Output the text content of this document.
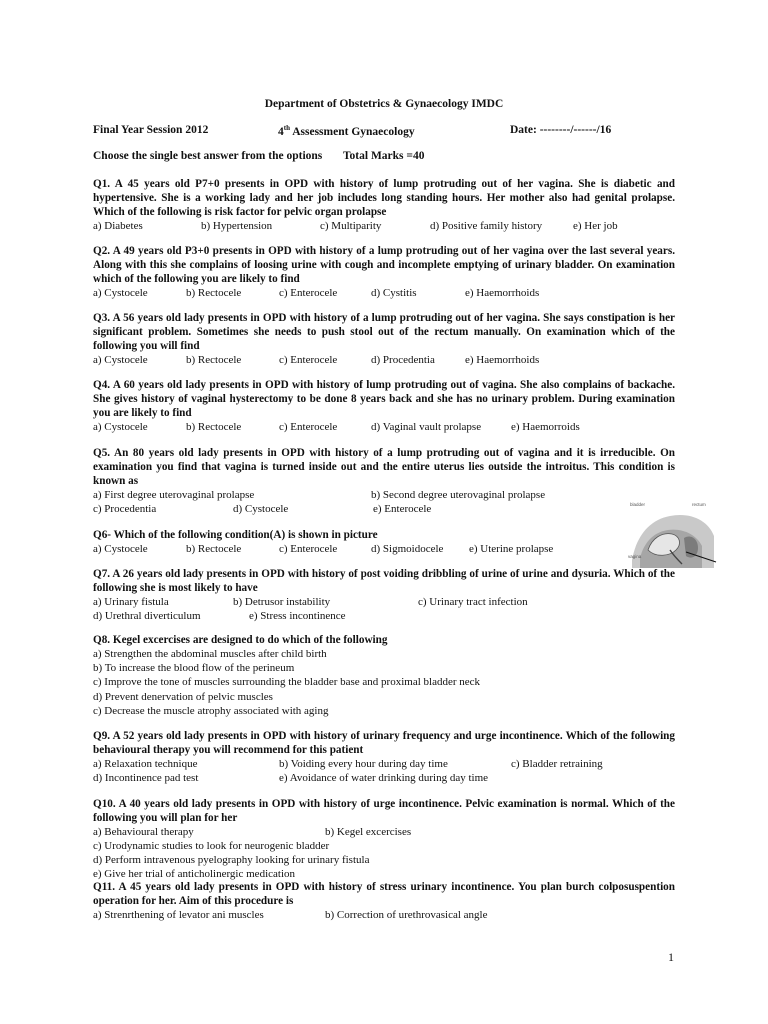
Department of Obstetrics & Gynaecology IMDC
Final Year Session 2012	4th Assessment Gynaecology	Date: --------/------/16
Choose the single best answer from the options Total Marks =40
Q1. A 45 years old P7+0 presents in OPD with history of lump protruding out of her vagina. She is diabetic and hypertensive. She is a working lady and her job includes long standing hours. Her mother also had genital prolapse. Which of the following is risk factor for pelvic organ prolapse
a) Diabetes	b) Hypertension	c) Multiparity	d) Positive family history	e) Her job
Q2. A 49 years old P3+0 presents in OPD with history of a lump protruding out of her vagina over the last several years. Along with this she complains of loosing urine with cough and incomplete emptying of urinary bladder. On examination which of the following you are likely to find
a) Cystocele	b) Rectocele	c) Enterocele	d) Cystitis	e) Haemorrhoids
Q3. A 56 years old lady presents in OPD with history of a lump protruding out of her vagina. She says constipation is her significant problem. Sometimes she needs to push stool out of the rectum manually. On examination which of the following you will find
a) Cystocele	b) Rectocele	c) Enterocele	d) Procedentia	e) Haemorrhoids
Q4. A 60 years old lady presents in OPD with history of lump protruding out of vagina. She also complains of backache. She gives history of vaginal hysterectomy to be done 8 years back and she has no urinary problem. During examination you are likely to find
a) Cystocele	b) Rectocele	c) Enterocele	d) Vaginal vault prolapse	e) Haemorroids
Q5. An 80 years old lady presents in OPD with history of a lump protruding out of vagina and it is irreducible. On examination you find that vagina is turned inside out and the entire uterus lies outside the introitus. This condition is known as
a) First degree uterovaginal prolapse	b) Second degree uterovaginal prolapse
c) Procedentia	d) Cystocele	e) Enterocele
Q6- Which of the following condition(A) is shown in picture
a) Cystocele	b) Rectocele	c) Enterocele	d) Sigmoidocele e) Uterine prolapse
bladder	rectum
vagina
Q7. A 26 years old lady presents in OPD with history of post voiding dribbling of urine of urine and dysuria. Which of the following she is most likely to have
a) Urinary fistula	b) Detrusor instability	c) Urinary tract infection
d) Urethral diverticulum	e) Stress incontinence
Q8. Kegel excercises are designed to do which of the following
a) Strengthen the abdominal muscles after child birth
b) To increase the blood flow of the perineum
c) Improve the tone of muscles surrounding the bladder base and proximal bladder neck
d) Prevent denervation of pelvic muscles
c) Decrease the muscle atrophy associated with aging
Q9. A 52 years old lady presents in OPD with history of urinary frequency and urge incontinence. Which of the following behavioural therapy you will recommend for this patient
a) Relaxation technique	b) Voiding every hour during day time	c) Bladder retraining
d) Incontinence pad test	e) Avoidance of water drinking during day time
Q10. A 40 years old lady presents in OPD with history of urge incontinence. Pelvic examination is normal. Which of the following you will plan for her
a) Behavioural therapy	b) Kegel excercises
c) Urodynamic studies to look for neurogenic bladder
d) Perform intravenous pyelography looking for urinary fistula
e) Give her trial of anticholinergic medication
Q11. A 45 years old lady presents in OPD with history of stress urinary incontinence. You plan burch colposuspention operation for her. Aim of this procedure is
a) Strenrthening of levator ani muscles	b) Correction of urethrovasical angle
1
